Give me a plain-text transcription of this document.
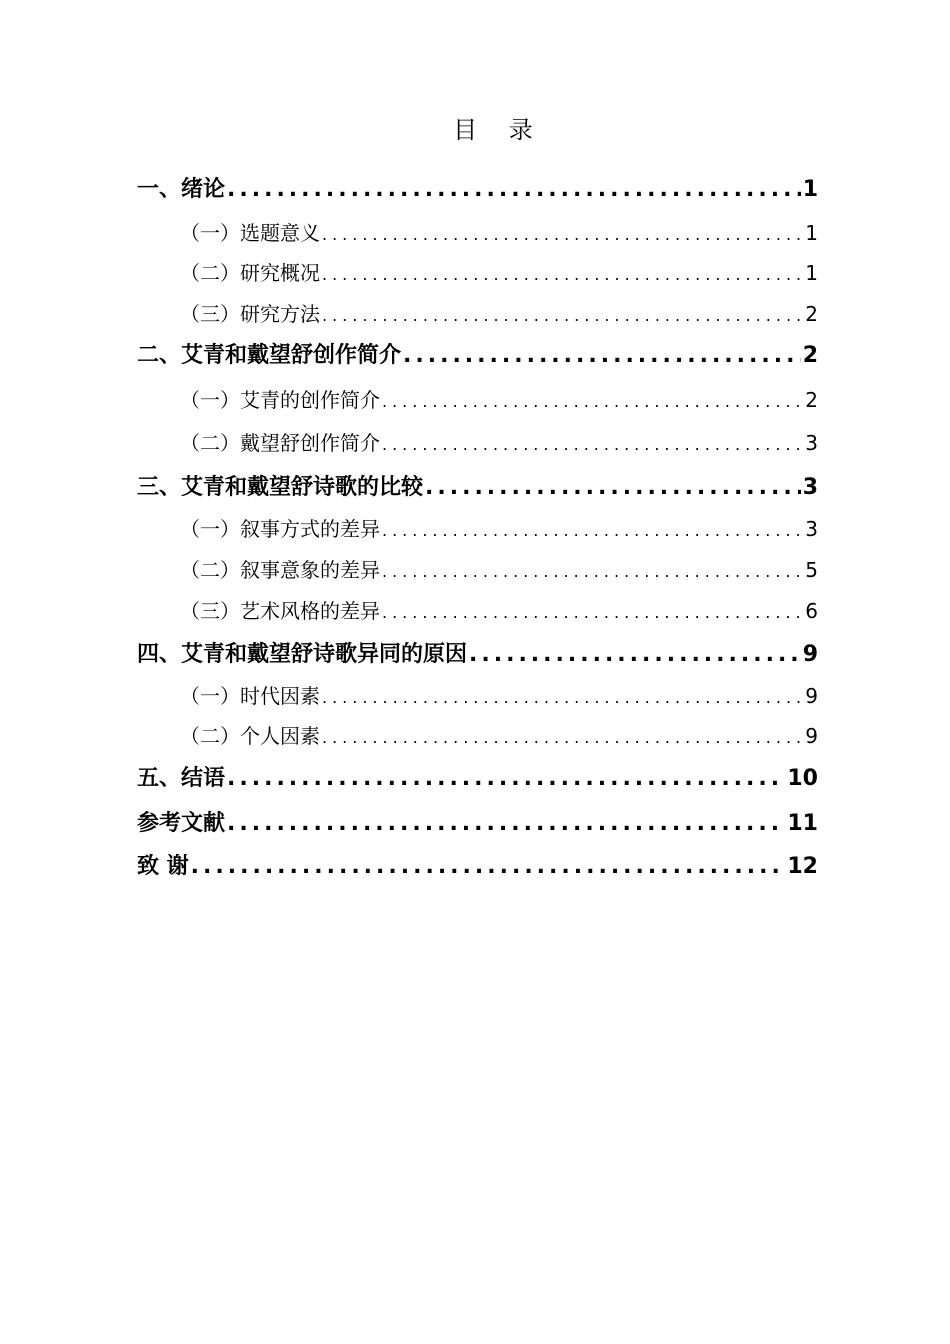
目 录
一、绪论 .....	1
（一）选题意义 .....	1
（二）研究概况 .....	1
（三）研究方法 .....	2
二、艾青和戴望舒创作简介 .....	2
（一）艾青的创作简介 .....	2
（二）戴望舒创作简介 .....	3
三、艾青和戴望舒诗歌的比较 .....	3
（一）叙事方式的差异 .....	3
（二）叙事意象的差异 .....	5
（三）艺术风格的差异 .....	6
四、艾青和戴望舒诗歌异同的原因 .....	9
（一）时代因素 .....	9
（二）个人因素 .....	9
五、结语 .....	10
参考文献 .....	11
致 谢 .....	12
